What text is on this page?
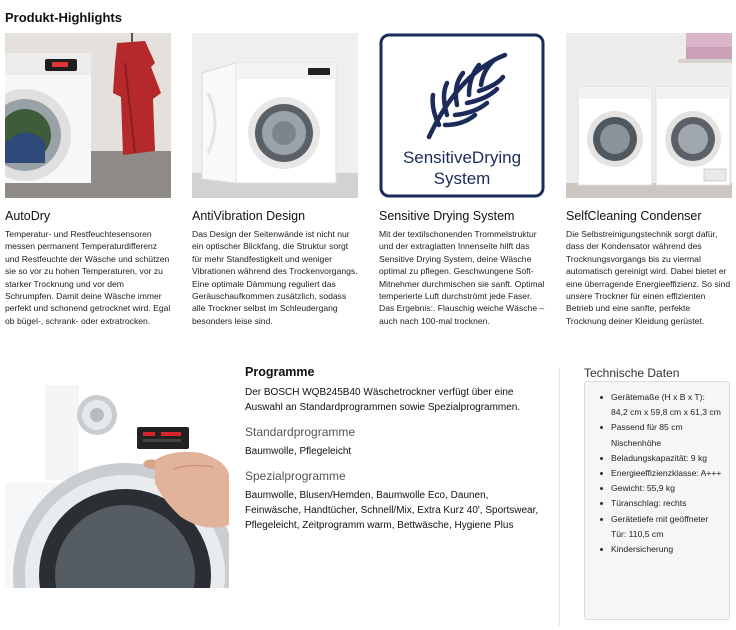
Produkt-Highlights
AutoDry

Temperatur- und Restfeuchtesensoren messen permanent Temperaturdifferenz und Restfeuchte der Wäsche und schützen sie so vor zu hohen Temperaturen, vor zu starker Trocknung und vor dem Schrumpfen. Damit deine Wäsche immer perfekt und schonend getrocknet wird. Egal ob bügel-, schrank- oder extratrocken.

AntiVibration Design

Das Design der Seitenwände ist nicht nur ein optischer Blickfang, die Struktur sorgt für mehr Standfestigkeit und weniger Vibrationen während des Trockenvorgangs. Eine optimale Dämmung reguliert das Geräuschaufkommen zusätzlich, sodass alle Trockner selbst im Schleudergang besonders leise sind.

SensitiveDrying
System
Sensitive Drying System

Mit der textilschonenden Trommelstruktur und der extraglatten Innenseite hilft das Sensitive Drying System, deine Wäsche optimal zu pflegen. Geschwungene Soft-Mitnehmer durchmischen sie sanft. Optimal temperierte Luft durchströmt jede Faser. Das Ergebnis:. Flauschig weiche Wäsche – auch nach 100-mal trocknen.

SelfCleaning Condenser

Die Selbstreinigungstechnik sorgt dafür, dass der Kondensator während des Trocknungsvorgangs bis zu viermal automatisch gereinigt wird. Dabei bietet er eine überragende Energieeffizienz. So sind unsere Trockner für einen effizienten Betrieb und eine sanfte, perfekte Trocknung deiner Kleidung gerüstet.

Programme

Der BOSCH WQB245B40 Wäschetrockner verfügt über eine Auswahl an Standardprogrammen sowie Spezialprogrammen.

Standardprogramme

Baumwolle, Pflegeleicht

Spezialprogramme

Baumwolle, Blusen/Hemden, Baumwolle Eco, Daunen, Feinwäsche, Handtücher, Schnell/Mix, Extra Kurz 40', Sportswear, Pflegeleicht, Zeitprogramm warm, Bettwäsche, Hygiene Plus

Technische Daten
Gerätemaße (H x B x T): 84,2 cm x 59,8 cm x 61,3 cm
Passend für 85 cm Nischenhöhe
Beladungskapazität: 9 kg
Energieeffizienzklasse: A+++
Gewicht: 55,9 kg
Türanschlag: rechts
Gerätetiefe mit geöffneter Tür: 110,5 cm
Kindersicherung
